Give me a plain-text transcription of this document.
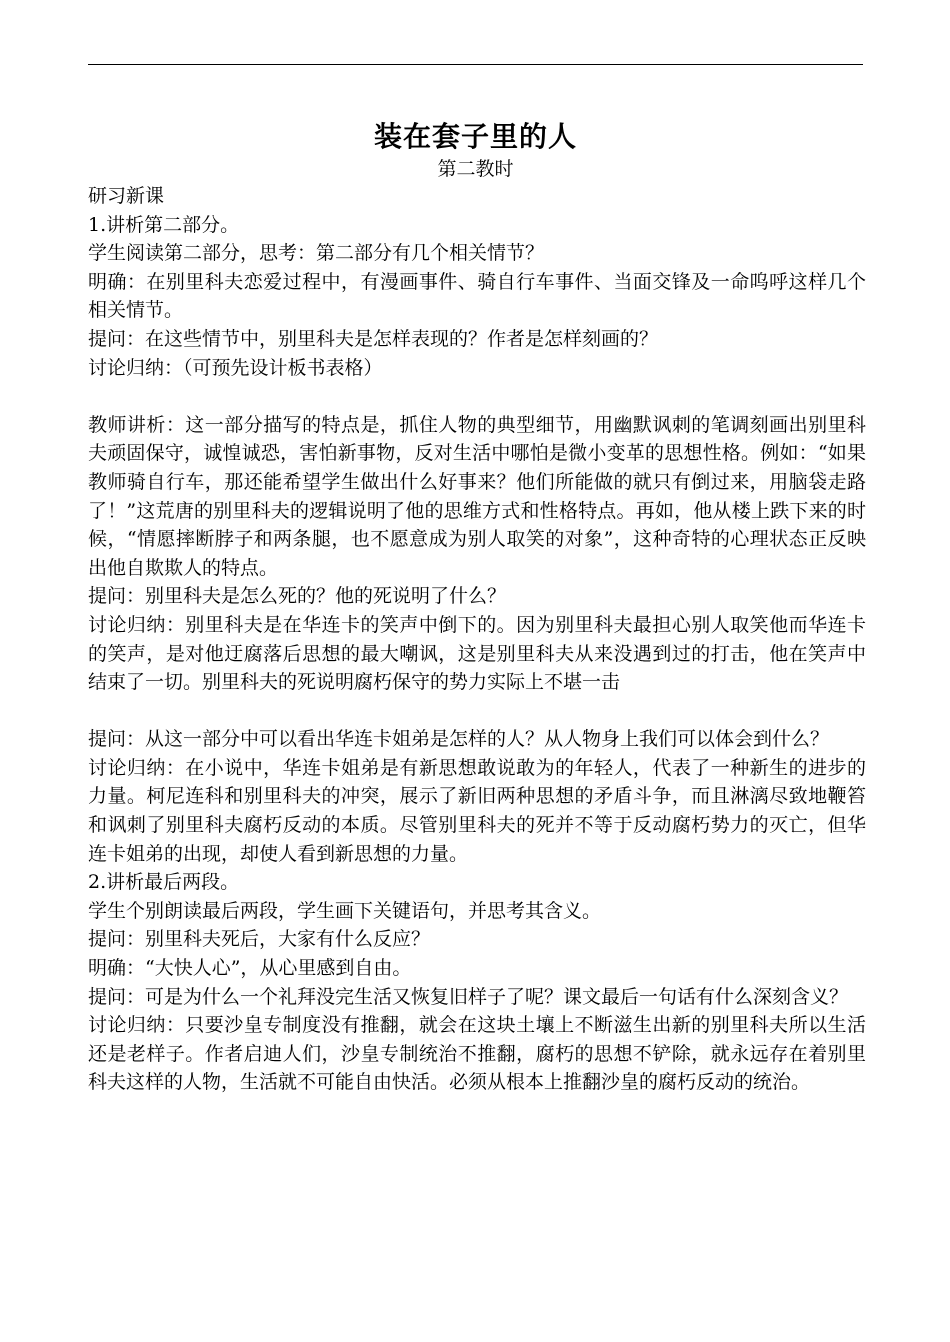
装在套子里的人
第二教时

研习新课

1.讲析第二部分。

学生阅读第二部分，思考：第二部分有几个相关情节？

明确：在别里科夫恋爱过程中，有漫画事件、骑自行车事件、当面交锋及一命呜呼这样几个相关情节。

提问：在这些情节中，别里科夫是怎样表现的？作者是怎样刻画的？

讨论归纳：（可预先设计板书表格）

教师讲析：这一部分描写的特点是，抓住人物的典型细节，用幽默讽刺的笔调刻画出别里科夫顽固保守，诚惶诚恐，害怕新事物，反对生活中哪怕是微小变革的思想性格。例如：“如果教师骑自行车，那还能希望学生做出什么好事来？他们所能做的就只有倒过来，用脑袋走路了！”这荒唐的别里科夫的逻辑说明了他的思维方式和性格特点。再如，他从楼上跌下来的时候，“情愿摔断脖子和两条腿，也不愿意成为别人取笑的对象”，这种奇特的心理状态正反映出他自欺欺人的特点。

提问：别里科夫是怎么死的？他的死说明了什么？

讨论归纳：别里科夫是在华连卡的笑声中倒下的。因为别里科夫最担心别人取笑他而华连卡的笑声，是对他迂腐落后思想的最大嘲讽，这是别里科夫从来没遇到过的打击，他在笑声中结束了一切。别里科夫的死说明腐朽保守的势力实际上不堪一击

提问：从这一部分中可以看出华连卡姐弟是怎样的人？从人物身上我们可以体会到什么？

讨论归纳：在小说中，华连卡姐弟是有新思想敢说敢为的年轻人，代表了一种新生的进步的力量。柯尼连科和别里科夫的冲突，展示了新旧两种思想的矛盾斗争，而且淋漓尽致地鞭笞和讽刺了别里科夫腐朽反动的本质。尽管别里科夫的死并不等于反动腐朽势力的灭亡，但华连卡姐弟的出现，却使人看到新思想的力量。

2.讲析最后两段。

学生个别朗读最后两段，学生画下关键语句，并思考其含义。

提问：别里科夫死后，大家有什么反应？

明确：“大快人心”，从心里感到自由。

提问：可是为什么一个礼拜没完生活又恢复旧样子了呢？课文最后一句话有什么深刻含义？

讨论归纳：只要沙皇专制度没有推翻，就会在这块土壤上不断滋生出新的别里科夫所以生活还是老样子。作者启迪人们，沙皇专制统治不推翻，腐朽的思想不铲除，就永远存在着别里科夫这样的人物，生活就不可能自由快活。必须从根本上推翻沙皇的腐朽反动的统治。
